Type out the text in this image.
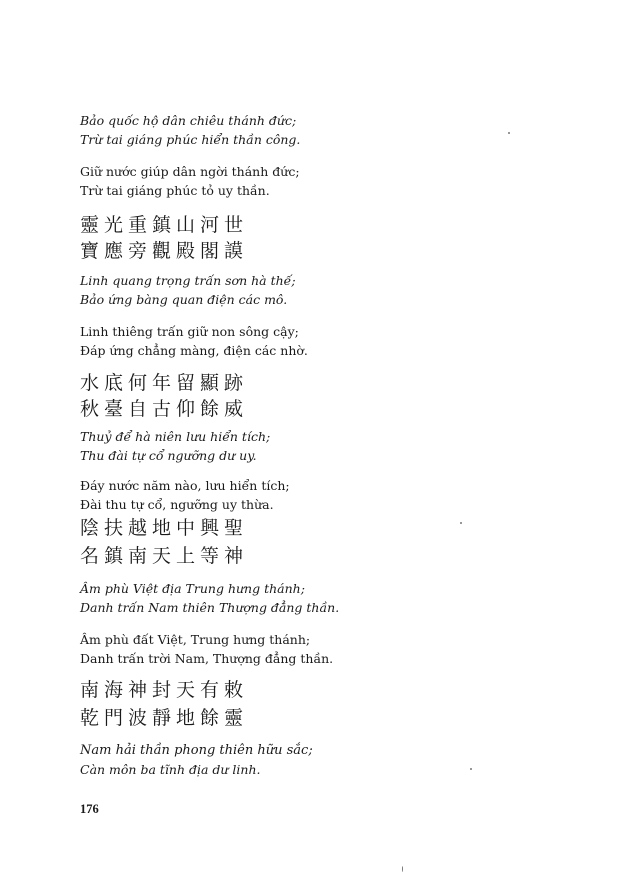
Bảo quốc hộ dân chiêu thánh đức;
Trừ tai giáng phúc hiển thần công.
Giữ nước giúp dân ngời thánh đức;
Trừ tai giáng phúc tỏ uy thần.
靈光重鎮山河世
寶應旁觀殿閣謨
Linh quang trọng trấn sơn hà thế;
Bảo ứng bàng quan điện các mô.
Linh thiêng trấn giữ non sông cậy;
Đáp ứng chẳng màng, điện các nhờ.
水底何年留顯跡
秋臺自古仰餘威
Thuỷ để hà niên lưu hiển tích;
Thu đài tự cổ ngưỡng dư uy.
Đáy nước năm nào, lưu hiển tích;
Đài thu tự cổ, ngưỡng uy thừa.
陰扶越地中興聖
名鎮南天上等神
Âm phù Việt địa Trung hưng thánh;
Danh trấn Nam thiên Thượng đẳng thần.
Âm phù đất Việt, Trung hưng thánh;
Danh trấn trời Nam, Thượng đẳng thần.
南海神封天有敕
乾門波靜地餘靈
Nam hải thần phong thiên hữu sắc;
Càn môn ba tĩnh địa dư linh.
176
